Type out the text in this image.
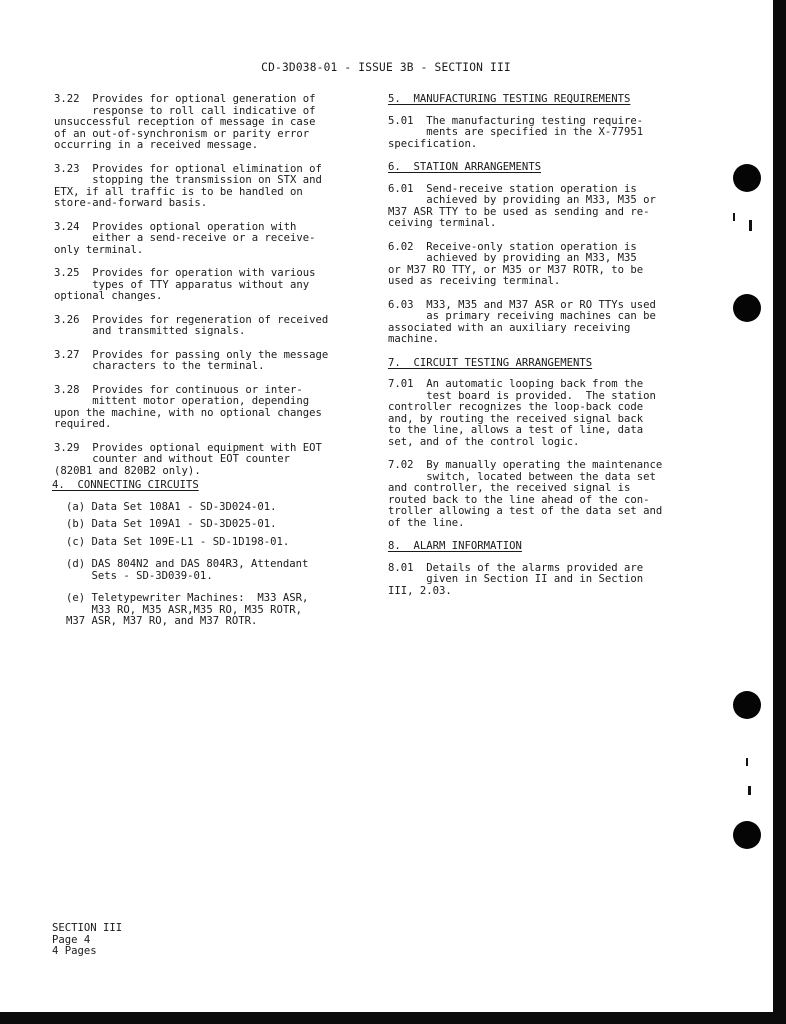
CD-3D038-01 - ISSUE 3B - SECTION III

3.22  Provides for optional generation of
response to roll call indicative of
unsuccessful reception of message in case
of an out-of-synchronism or parity error
occurring in a received message.

3.23  Provides for optional elimination of
stopping the transmission on STX and
ETX, if all traffic is to be handled on
store-and-forward basis.

3.24  Provides optional operation with
either a send-receive or a receive-
only terminal.

3.25  Provides for operation with various
types of TTY apparatus without any
optional changes.

3.26  Provides for regeneration of received
and transmitted signals.

3.27  Provides for passing only the message
characters to the terminal.

3.28  Provides for continuous or inter-
mittent motor operation, depending
upon the machine, with no optional changes
required.

3.29  Provides optional equipment with EOT
counter and without EOT counter
(820B1 and 820B2 only).

4.  CONNECTING CIRCUITS

(a) Data Set 108A1 - SD-3D024-01.

(b) Data Set 109A1 - SD-3D025-01.

(c) Data Set 109E-L1 - SD-1D198-01.

(d) DAS 804N2 and DAS 804R3, Attendant
Sets - SD-3D039-01.

(e) Teletypewriter Machines:  M33 ASR,
M33 RO, M35 ASR,M35 RO, M35 ROTR,
M37 ASR, M37 RO, and M37 ROTR.

5.  MANUFACTURING TESTING REQUIREMENTS

5.01  The manufacturing testing require-
ments are specified in the X-77951
specification.

6.  STATION ARRANGEMENTS

6.01  Send-receive station operation is
achieved by providing an M33, M35 or
M37 ASR TTY to be used as sending and re-
ceiving terminal.

6.02  Receive-only station operation is
achieved by providing an M33, M35
or M37 RO TTY, or M35 or M37 ROTR, to be
used as receiving terminal.

6.03  M33, M35 and M37 ASR or RO TTYs used
as primary receiving machines can be
associated with an auxiliary receiving
machine.

7.  CIRCUIT TESTING ARRANGEMENTS

7.01  An automatic looping back from the
test board is provided.  The station
controller recognizes the loop-back code
and, by routing the received signal back
to the line, allows a test of line, data
set, and of the control logic.

7.02  By manually operating the maintenance
switch, located between the data set
and controller, the received signal is
routed back to the line ahead of the con-
troller allowing a test of the data set and
of the line.

8.  ALARM INFORMATION

8.01  Details of the alarms provided are
given in Section II and in Section
III, 2.03.

SECTION III
Page 4
4 Pages
